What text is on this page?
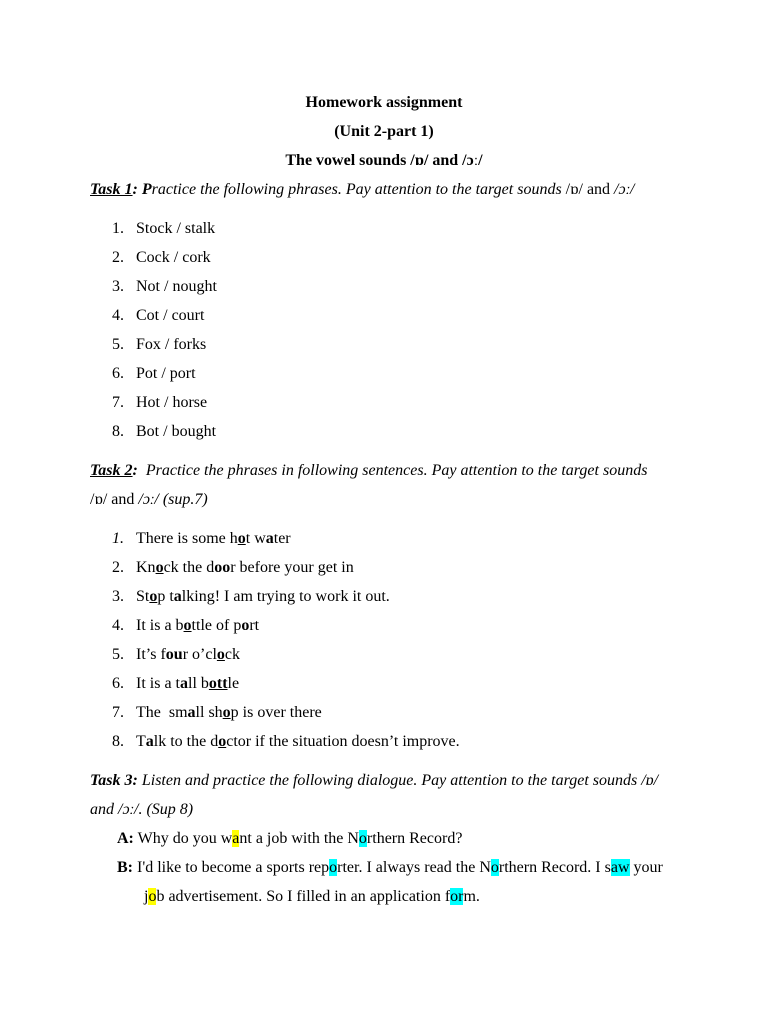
Homework assignment
(Unit 2-part 1)
The vowel sounds /ɒ/ and /ɔː/
Task 1: Practice the following phrases. Pay attention to the target sounds /ɒ/ and /ɔː/
1. Stock / stalk
2. Cock / cork
3. Not / nought
4. Cot / court
5. Fox / forks
6. Pot / port
7. Hot / horse
8. Bot / bought
Task 2: Practice the phrases in following sentences. Pay attention to the target sounds
/ɒ/ and /ɔː/ (sup.7)
1. There is some hot water
2. Knock the door before your get in
3. Stop talking! I am trying to work it out.
4. It is a bottle of port
5. It’s four o’clock
6. It is a tall bottle
7. The  small shop is over there
8. Talk to the doctor if the situation doesn’t improve.
Task 3: Listen and practice the following dialogue. Pay attention to the target sounds /ɒ/
and /ɔː/. (Sup 8)
A: Why do you want a job with the Northern Record?
B: I'd like to become a sports reporter. I always read the Northern Record. I saw your
job advertisement. So I filled in an application form.
